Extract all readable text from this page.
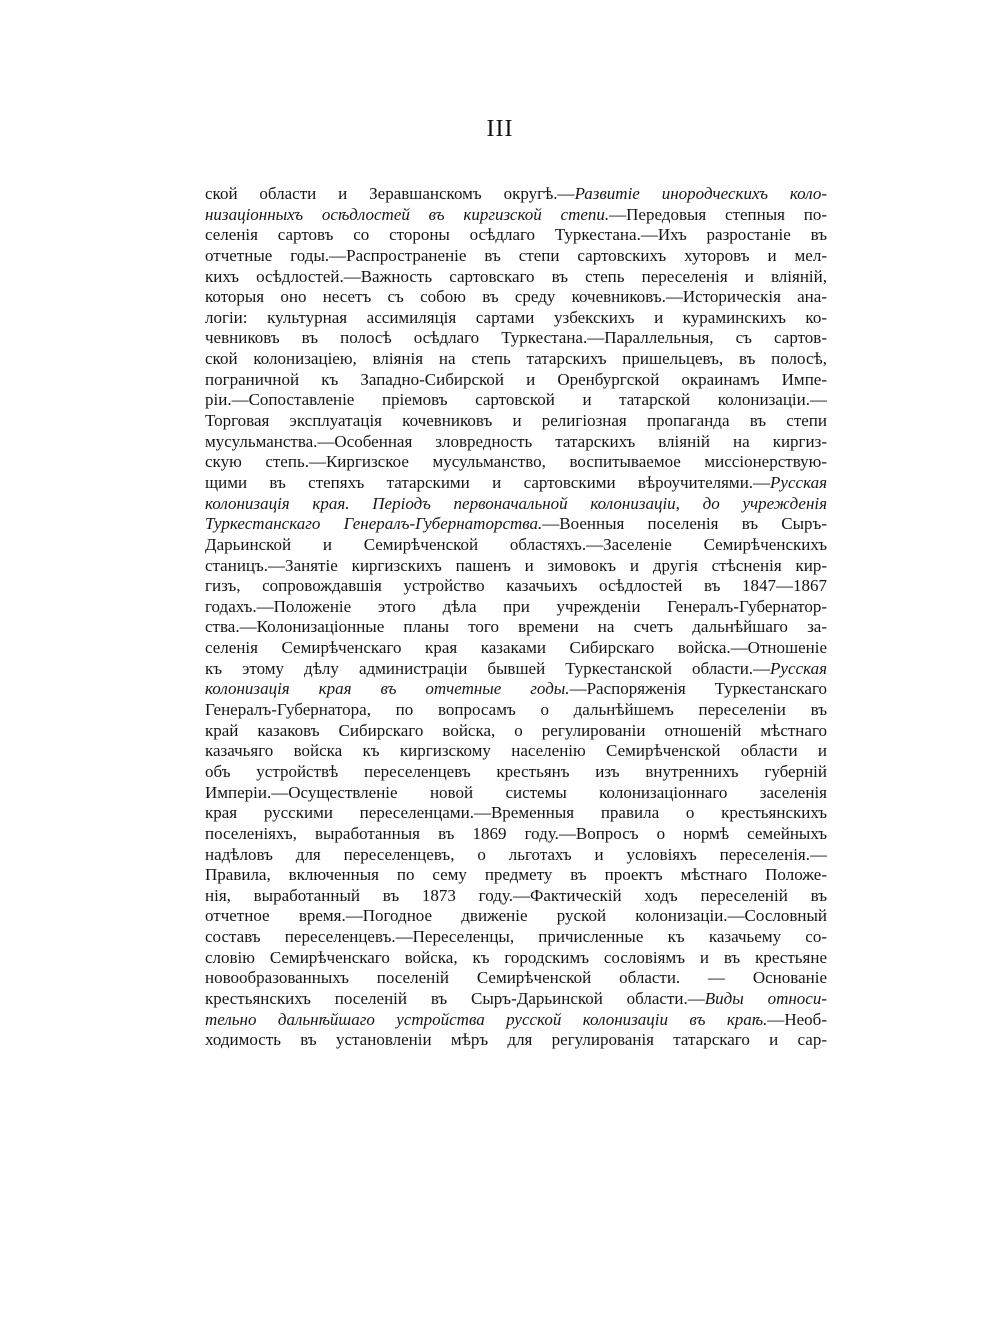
III
ской области и Зеравшанскомъ округѣ.—Развитіе инородческихъ коло-
низаціонныхъ осѣдлостей въ киргизской степи.—Передовыя степныя по-
селенія сартовъ со стороны осѣдлаго Туркестана.—Ихъ разростаніе въ
отчетные годы.—Распространеніе въ степи сартовскихъ хуторовъ и мел-
кихъ осѣдлостей.—Важность сартовскаго въ степь переселенія и вліяній,
которыя оно несетъ съ собою въ среду кочевниковъ.—Историческія ана-
логіи: культурная ассимиляція сартами узбекскихъ и кураминскихъ ко-
чевниковъ въ полосѣ осѣдлаго Туркестана.—Параллельныя, съ сартов-
ской колонизаціею, вліянія на степь татарскихъ пришельцевъ, въ полосѣ,
пограничной къ Западно-Сибирской и Оренбургской окраинамъ Импе-
ріи.—Сопоставленіе пріемовъ сартовской и татарской колонизаціи.—
Торговая эксплуатація кочевниковъ и религіозная пропаганда въ степи
мусульманства.—Особенная зловредность татарскихъ вліяній на киргиз-
скую степь.—Киргизское мусульманство, воспитываемое миссіонерствую-
щими въ степяхъ татарскими и сартовскими вѣроучителями.—Русская
колонизація края. Періодъ первоначальной колонизаціи, до учрежденія
Туркестанскаго Генералъ-Губернаторства.—Военныя поселенія въ Сыръ-
Дарьинской и Семирѣченской областяхъ.—Заселеніе Семирѣченскихъ
станицъ.—Занятіе киргизскихъ пашенъ и зимовокъ и другія стѣсненія кир-
гизъ, сопровождавшія устройство казачьихъ осѣдлостей въ 1847—1867
годахъ.—Положеніе этого дѣла при учрежденіи Генералъ-Губернатор-
ства.—Колонизаціонные планы того времени на счетъ дальнѣйшаго за-
селенія Семирѣченскаго края казаками Сибирскаго войска.—Отношеніе
къ этому дѣлу администраціи бывшей Туркестанской области.—Русская
колонизація края въ отчетные годы.—Распоряженія Туркестанскаго
Генералъ-Губернатора, по вопросамъ о дальнѣйшемъ переселеніи въ
край казаковъ Сибирскаго войска, о регулированіи отношеній мѣстнаго
казачьяго войска къ киргизскому населенію Семирѣченской области и
объ устройствѣ переселенцевъ крестьянъ изъ внутреннихъ губерній
Имперіи.—Осуществленіе новой системы колонизаціоннаго заселенія
края русскими переселенцами.—Временныя правила о крестьянскихъ
поселеніяхъ, выработанныя въ 1869 году.—Вопросъ о нормѣ семейныхъ
надѣловъ для переселенцевъ, о льготахъ и условіяхъ переселенія.—
Правила, включенныя по сему предмету въ проектъ мѣстнаго Положе-
нія, выработанный въ 1873 году.—Фактическій ходъ переселеній въ
отчетное время.—Погодное движеніе руской колонизаціи.—Сословный
составъ переселенцевъ.—Переселенцы, причисленные къ казачьему со-
словію Семирѣченскаго войска, къ городскимъ сословіямъ и въ крестьяне
новообразованныхъ поселеній Семирѣченской области. — Основаніе
крестьянскихъ поселеній въ Сыръ-Дарьинской области.—Виды относи-
тельно дальнѣйшаго устройства русской колонизаціи въ краѣ.—Необ-
ходимость въ установленіи мѣръ для регулированія татарскаго и сар-
